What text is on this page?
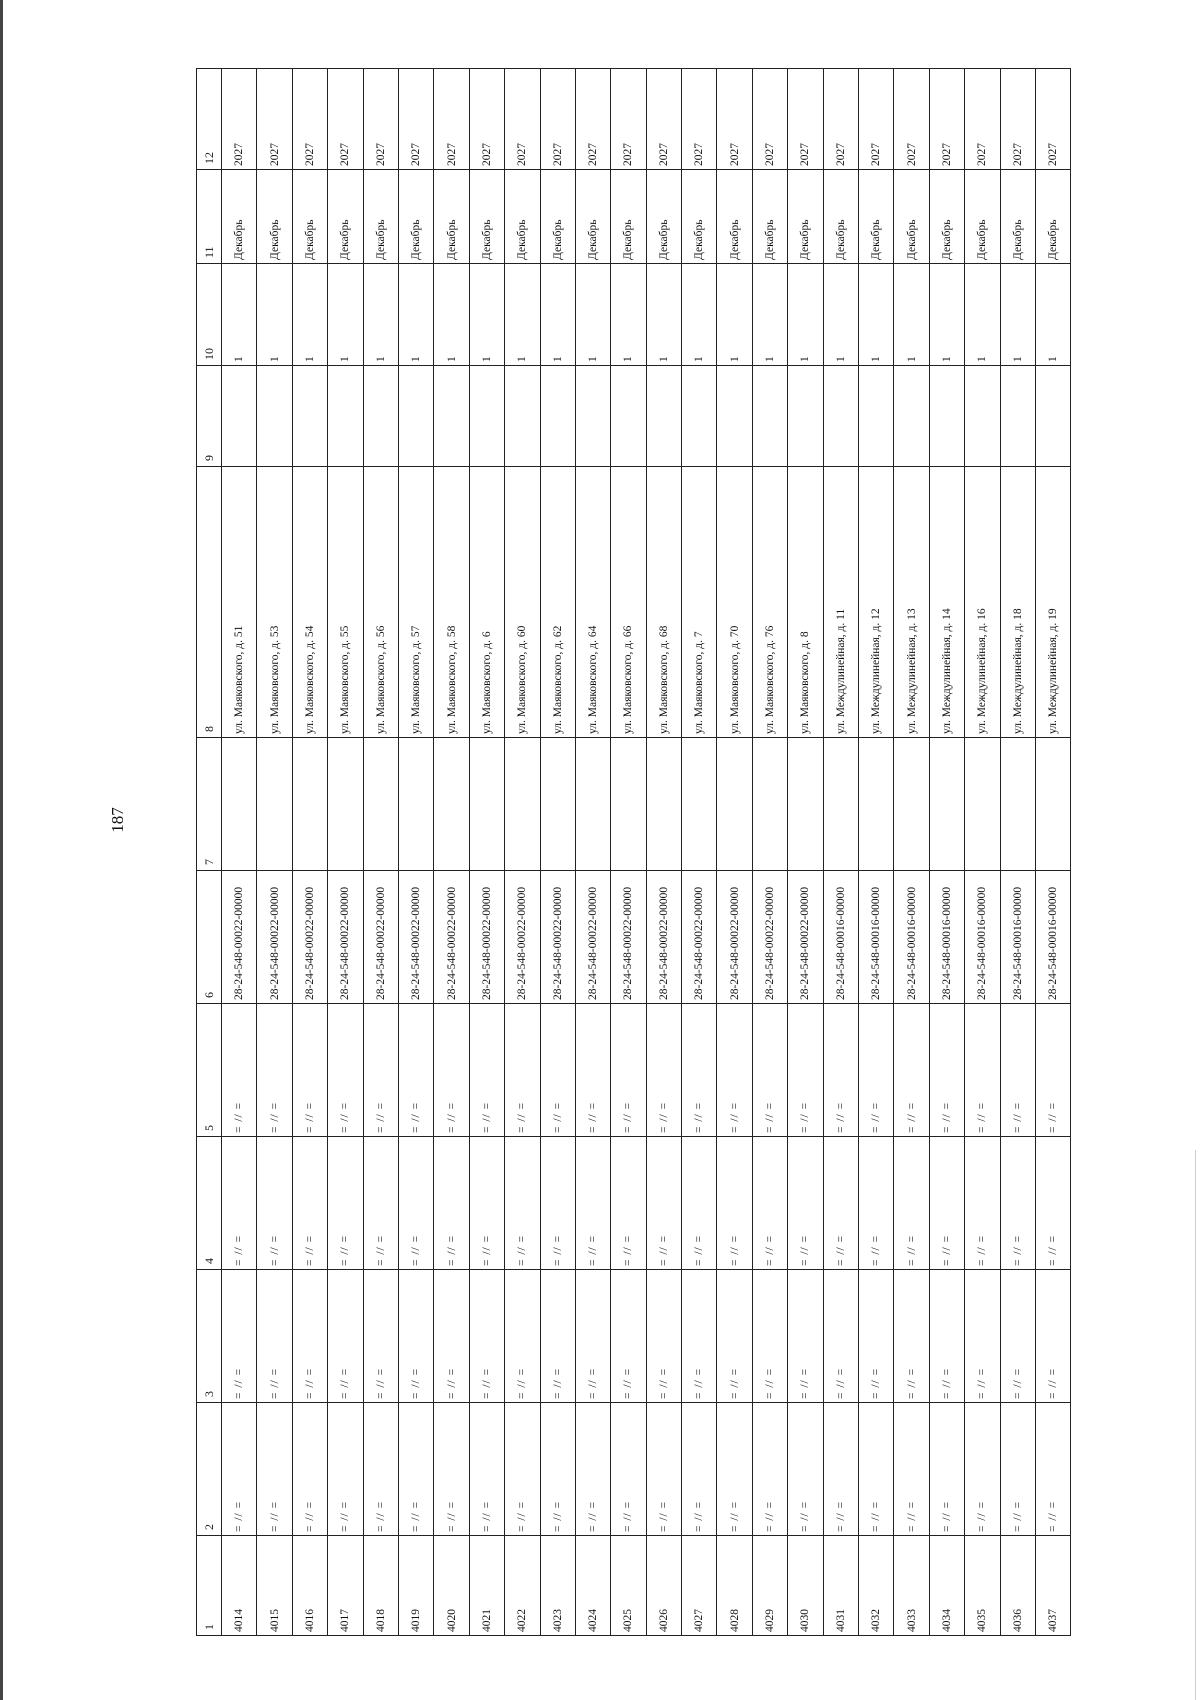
187
1	2	3	4	5	6	7	8	9	10	11	12
4014	= // =	= // =	= // =	= // =	28-24-548-00022-00000		ул. Маяковского, д. 51		1	Декабрь	2027
4015	= // =	= // =	= // =	= // =	28-24-548-00022-00000		ул. Маяковского, д. 53		1	Декабрь	2027
4016	= // =	= // =	= // =	= // =	28-24-548-00022-00000		ул. Маяковского, д. 54		1	Декабрь	2027
4017	= // =	= // =	= // =	= // =	28-24-548-00022-00000		ул. Маяковского, д. 55		1	Декабрь	2027
4018	= // =	= // =	= // =	= // =	28-24-548-00022-00000		ул. Маяковского, д. 56		1	Декабрь	2027
4019	= // =	= // =	= // =	= // =	28-24-548-00022-00000		ул. Маяковского, д. 57		1	Декабрь	2027
4020	= // =	= // =	= // =	= // =	28-24-548-00022-00000		ул. Маяковского, д. 58		1	Декабрь	2027
4021	= // =	= // =	= // =	= // =	28-24-548-00022-00000		ул. Маяковского, д. 6		1	Декабрь	2027
4022	= // =	= // =	= // =	= // =	28-24-548-00022-00000		ул. Маяковского, д. 60		1	Декабрь	2027
4023	= // =	= // =	= // =	= // =	28-24-548-00022-00000		ул. Маяковского, д. 62		1	Декабрь	2027
4024	= // =	= // =	= // =	= // =	28-24-548-00022-00000		ул. Маяковского, д. 64		1	Декабрь	2027
4025	= // =	= // =	= // =	= // =	28-24-548-00022-00000		ул. Маяковского, д. 66		1	Декабрь	2027
4026	= // =	= // =	= // =	= // =	28-24-548-00022-00000		ул. Маяковского, д. 68		1	Декабрь	2027
4027	= // =	= // =	= // =	= // =	28-24-548-00022-00000		ул. Маяковского, д. 7		1	Декабрь	2027
4028	= // =	= // =	= // =	= // =	28-24-548-00022-00000		ул. Маяковского, д. 70		1	Декабрь	2027
4029	= // =	= // =	= // =	= // =	28-24-548-00022-00000		ул. Маяковского, д. 76		1	Декабрь	2027
4030	= // =	= // =	= // =	= // =	28-24-548-00022-00000		ул. Маяковского, д. 8		1	Декабрь	2027
4031	= // =	= // =	= // =	= // =	28-24-548-00016-00000		ул. Междулинейная, д. 11		1	Декабрь	2027
4032	= // =	= // =	= // =	= // =	28-24-548-00016-00000		ул. Междулинейная, д. 12		1	Декабрь	2027
4033	= // =	= // =	= // =	= // =	28-24-548-00016-00000		ул. Междулинейная, д. 13		1	Декабрь	2027
4034	= // =	= // =	= // =	= // =	28-24-548-00016-00000		ул. Междулинейная, д. 14		1	Декабрь	2027
4035	= // =	= // =	= // =	= // =	28-24-548-00016-00000		ул. Междулинейная, д. 16		1	Декабрь	2027
4036	= // =	= // =	= // =	= // =	28-24-548-00016-00000		ул. Междулинейная, д. 18		1	Декабрь	2027
4037	= // =	= // =	= // =	= // =	28-24-548-00016-00000		ул. Междулинейная, д. 19		1	Декабрь	2027
